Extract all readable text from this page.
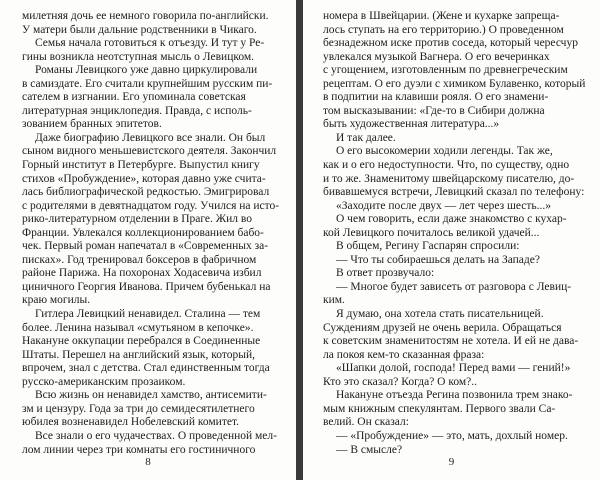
милетняя дочь ее немного говорила по-английски.
У матери были дальние родственники в Чикаго.

Семья начала готовиться к отъезду. И тут у Ре-
гины возникла неотступная мысль о Левицком.

Романы Левицкого уже давно циркулировали
в самиздате. Его считали крупнейшим русским пи-
сателем в изгнании. Его упоминала советская
литературная энциклопедия. Правда, с исполь-
зованием бранных эпитетов.

Даже биографию Левицкого все знали. Он был
сыном видного меньшевистского деятеля. Закончил
Горный институт в Петербурге. Выпустил книгу
стихов «Пробуждение», которая давно уже счита-
лась библиографической редкостью. Эмигрировал
с родителями в девятнадцатом году. Учился на исто-
рико-литературном отделении в Праге. Жил во
Франции. Увлекался коллекционированием бабо-
чек. Первый роман напечатал в «Современных за-
писках». Год тренировал боксеров в фабричном
районе Парижа. На похоронах Ходасевича избил
циничного Георгия Иванова. Причем бубенькал на
краю могилы.

Гитлера Левицкий ненавидел. Сталина — тем
более. Ленина называл «смутьяном в кепочке».
Накануне оккупации перебрался в Соединенные
Штаты. Перешел на английский язык, который,
впрочем, знал с детства. Стал единственным тогда
русско-американским прозаиком.

Всю жизнь он ненавидел хамство, антисемити-
зм и цензуру. Года за три до семидесятилетнего
юбилея возненавидел Нобелевский комитет.

Все знали о его чудачествах. О проведенной мел-
лом линии через три комнаты его гостиничного

8

номера в Швейцарии. (Жене и кухарке запреща-
лось ступать на его территорию.) О проведенном
безнадежном иске против соседа, который чересчур
увлекался музыкой Вагнера. О его вечеринках
с угощением, изготовленным по древнегреческим
рецептам. О его дуэли с химиком Булавенко, который
в подпитии на клавиши рояля. О его знамени-
том высказывании: «Где-то в Сибири должна
быть художественная литература...»

И так далее.

О его высокомерии ходили легенды. Так же,
как и о его недоступности. Что, по существу, одно
и то же. Знаменитому швейцарскому писателю, до-
бивавшемуся встречи, Левицкий сказал по телефону:

«Заходите после двух — лет через шесть...»

О чем говорить, если даже знакомство с кухар-
кой Левицкого почиталось великой удачей...

В общем, Регину Гаспарян спросили:

— Что ты собираешься делать на Западе?

В ответ прозвучало:

— Многое будет зависеть от разговора с Левиц-
ким.

Я думаю, она хотела стать писательницей.
Суждениям друзей не очень верила. Обращаться
к советским знаменитостям не хотела. И ей не дава-
ла покоя кем-то сказанная фраза:

«Шапки долой, господа! Перед вами — гений!»
Кто это сказал? Когда? О ком?..

Накануне отъезда Регина позвонила трем знако-
мым книжным спекулянтам. Первого звали Са-
велий. Он сказал:

— «Пробуждение» — это, мать, дохлый номер.

— В смысле?

9
